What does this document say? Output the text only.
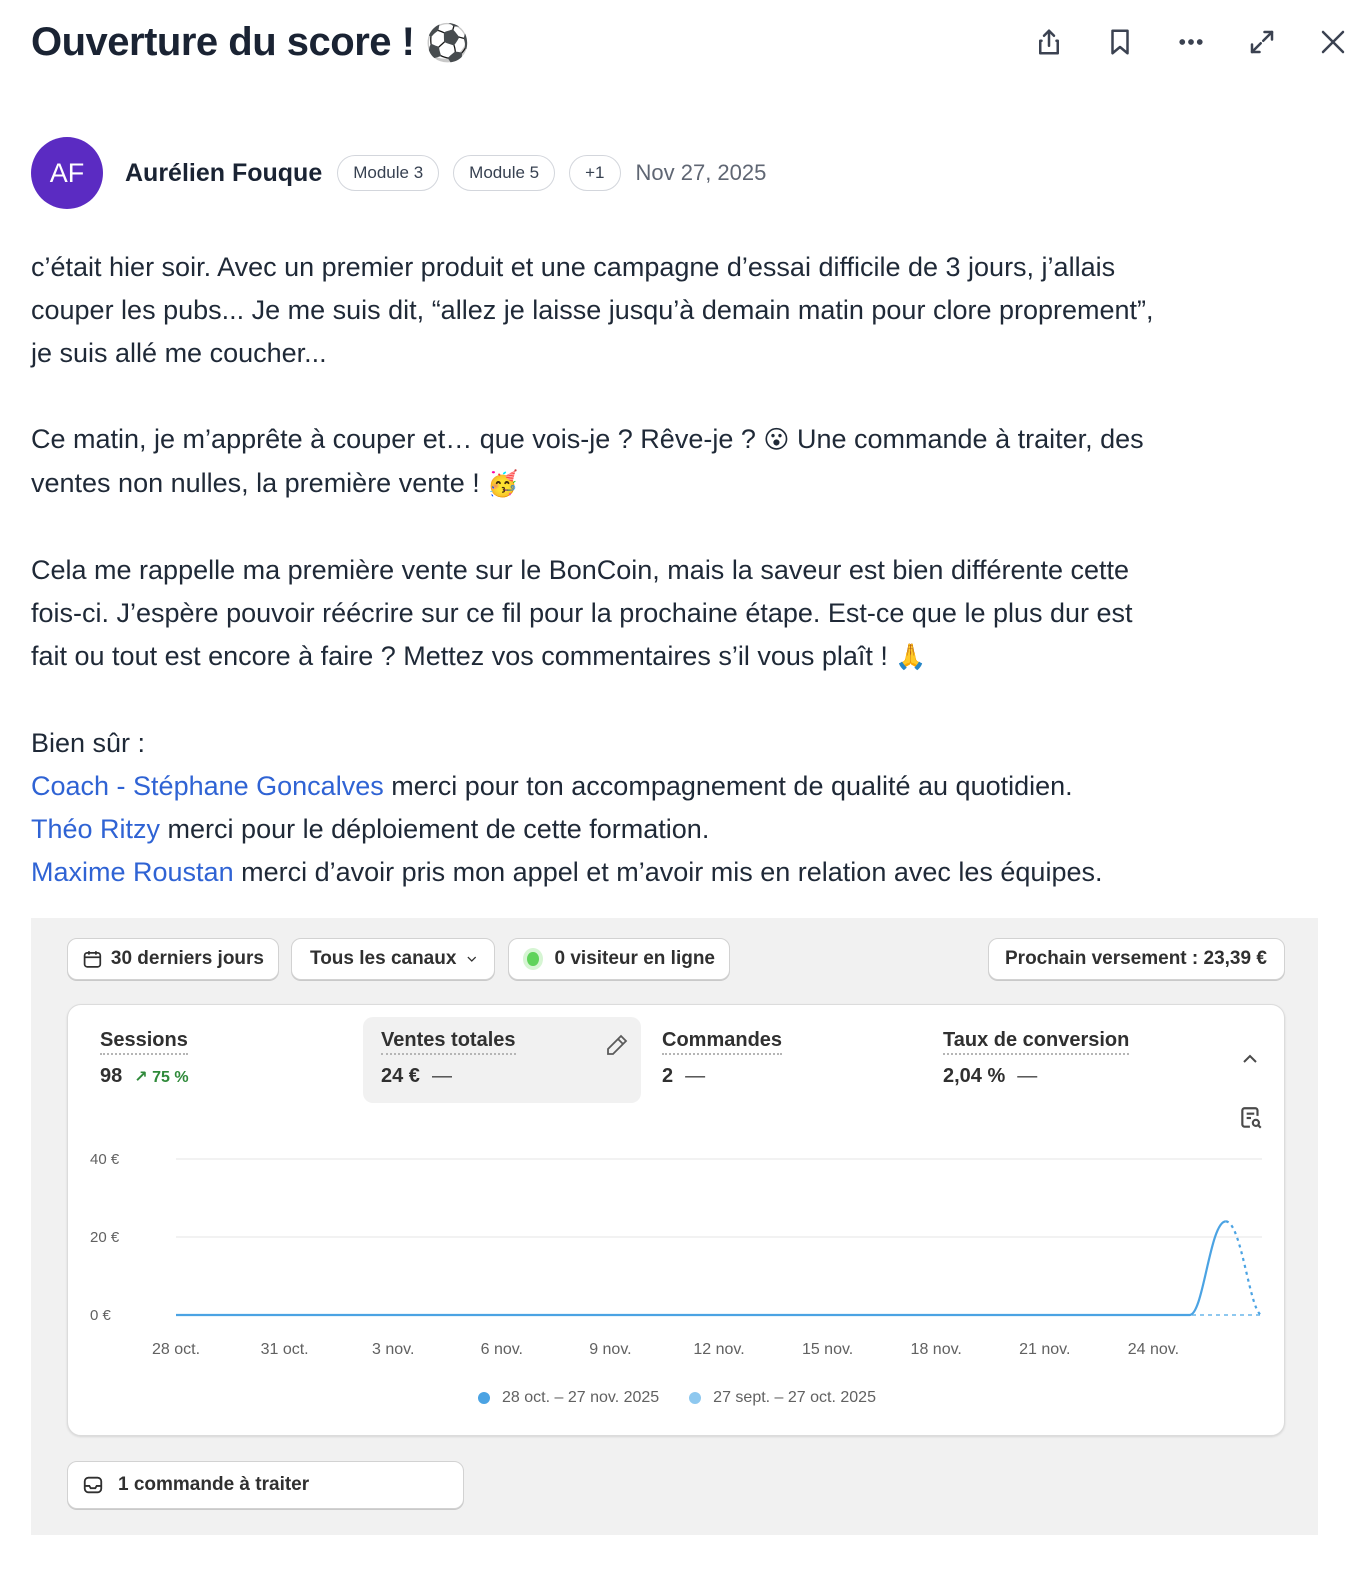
Ouverture du score ! ⚽
AF	Aurélien Fouque	Module 3	Module 5	+1	Nov 27, 2025

c’était hier soir. Avec un premier produit et une campagne d’essai difficile de 3 jours, j’allais

couper les pubs... Je me suis dit, “allez je laisse jusqu’à demain matin pour clore proprement”,

je suis allé me coucher...

Ce matin, je m’apprête à couper et… que vois-je ? Rêve-je ? 😮 Une commande à traiter, des

ventes non nulles, la première vente ! 🥳

Cela me rappelle ma première vente sur le BonCoin, mais la saveur est bien différente cette

fois-ci. J’espère pouvoir réécrire sur ce fil pour la prochaine étape. Est-ce que le plus dur est

fait ou tout est encore à faire ? Mettez vos commentaires s’il vous plaît ! 🙏

Bien sûr :

Coach - Stéphane Goncalves merci pour ton accompagnement de qualité au quotidien.

Théo Ritzy merci pour le déploiement de cette formation.

Maxime Roustan merci d’avoir pris mon appel et m’avoir mis en relation avec les équipes.

30 derniers jours Tous les canaux	0 visiteur en ligne	Prochain versement : 23,39 €
Sessions
98 ↗ 75 %
Ventes totales
24 € —
Commandes
2 —
Taux de conversion
2,04 % —
0 €
20 €
40 €
28 oct.	31 oct.	3 nov.	6 nov.	9 nov.	12 nov.	15 nov.	18 nov.	21 nov.	24 nov.
28 oct. – 27 nov. 2025	27 sept. – 27 oct. 2025
1 commande à traiter
